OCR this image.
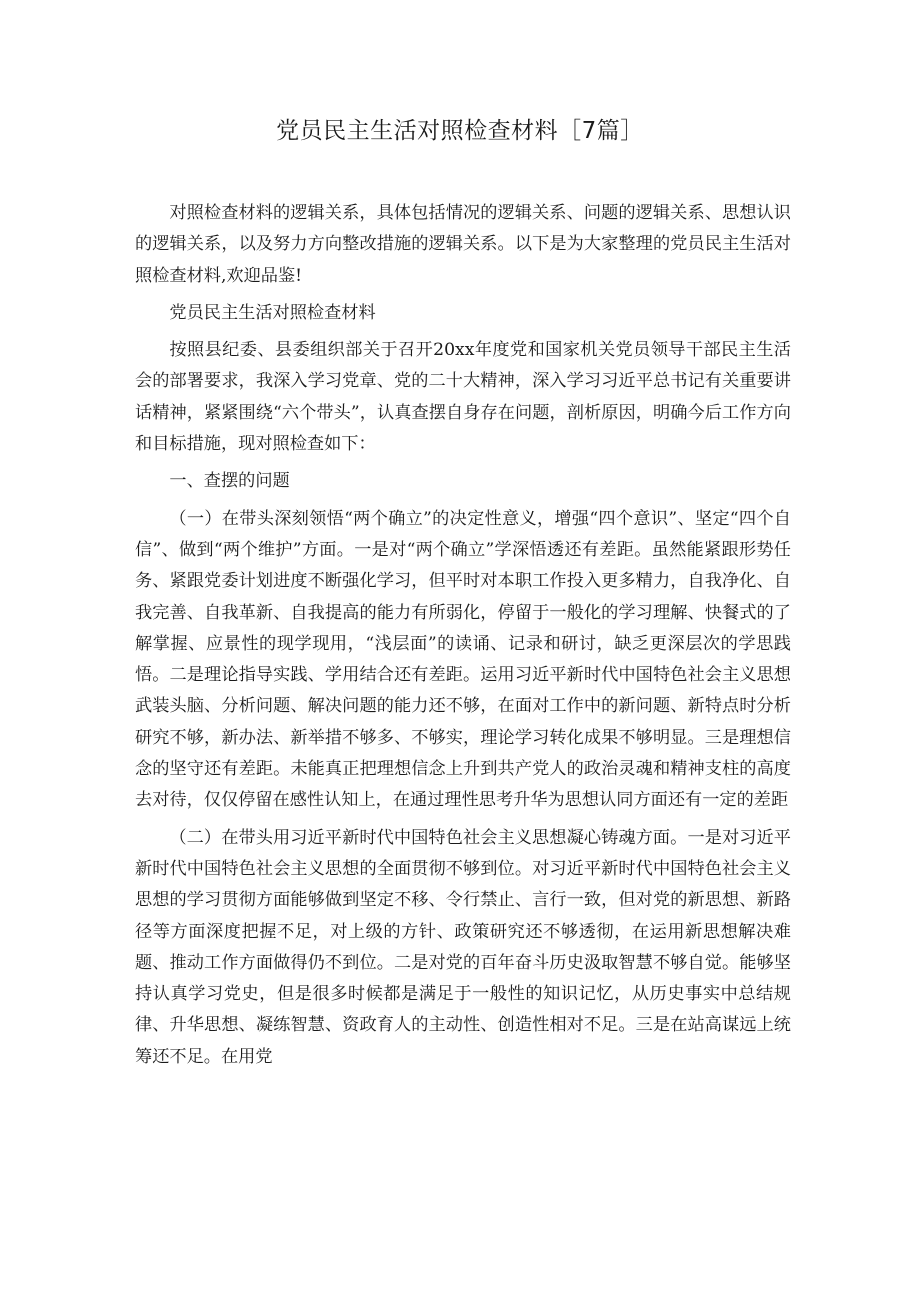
党员民主生活对照检查材料［7篇］

对照检查材料的逻辑关系，具体包括情况的逻辑关系、问题的逻辑关系、思想认识的逻辑关系，以及努力方向整改措施的逻辑关系。以下是为大家整理的党员民主生活对照检查材料,欢迎品鉴!

党员民主生活对照检查材料

按照县纪委、县委组织部关于召开20xx年度党和国家机关党员领导干部民主生活会的部署要求，我深入学习党章、党的二十大精神，深入学习习近平总书记有关重要讲话精神，紧紧围绕“六个带头”，认真查摆自身存在问题，剖析原因，明确今后工作方向和目标措施，现对照检查如下：

一、查摆的问题

（一）在带头深刻领悟“两个确立”的决定性意义，增强“四个意识”、坚定“四个自信”、做到“两个维护”方面。一是对“两个确立”学深悟透还有差距。虽然能紧跟形势任务、紧跟党委计划进度不断强化学习，但平时对本职工作投入更多精力，自我净化、自我完善、自我革新、自我提高的能力有所弱化，停留于一般化的学习理解、快餐式的了解掌握、应景性的现学现用，“浅层面”的读诵、记录和研讨，缺乏更深层次的学思践悟。二是理论指导实践、学用结合还有差距。运用习近平新时代中国特色社会主义思想武装头脑、分析问题、解决问题的能力还不够，在面对工作中的新问题、新特点时分析研究不够，新办法、新举措不够多、不够实，理论学习转化成果不够明显。三是理想信念的坚守还有差距。未能真正把理想信念上升到共产党人的政治灵魂和精神支柱的高度去对待，仅仅停留在感性认知上，在通过理性思考升华为思想认同方面还有一定的差距

（二）在带头用习近平新时代中国特色社会主义思想凝心铸魂方面。一是对习近平新时代中国特色社会主义思想的全面贯彻不够到位。对习近平新时代中国特色社会主义思想的学习贯彻方面能够做到坚定不移、令行禁止、言行一致，但对党的新思想、新路径等方面深度把握不足，对上级的方针、政策研究还不够透彻，在运用新思想解决难题、推动工作方面做得仍不到位。二是对党的百年奋斗历史汲取智慧不够自觉。能够坚持认真学习党史，但是很多时候都是满足于一般性的知识记忆，从历史事实中总结规律、升华思想、凝练智慧、资政育人的主动性、创造性相对不足。三是在站高谋远上统筹还不足。在用党
